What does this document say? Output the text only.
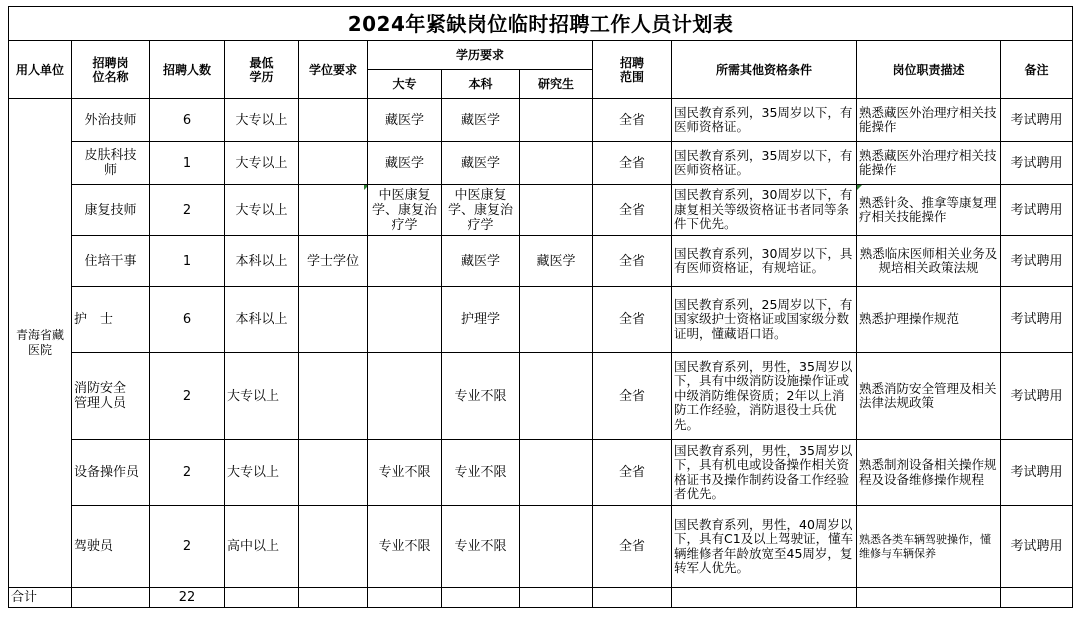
2024年紧缺岗位临时招聘工作人员计划表											
用人单位	招聘岗位名称	招聘人数	最低学历	学位要求	学历要求			招聘范围	所需其他资格条件	岗位职责描述	备注
					大专	本科	研究生				

青海省藏医院	外治技师	6	大专以上		藏医学	藏医学		全省	国民教育系列，35周岁以下，有医师资格证。	熟悉藏医外治理疗相关技能操作	考试聘用

	皮肤科技师	1	大专以上		藏医学	藏医学		全省	国民教育系列，35周岁以下，有医师资格证。	熟悉藏医外治理疗相关技能操作	考试聘用
	康复技师	2	大专以上		中医康复学、康复治疗学	中医康复学、康复治疗学		全省	国民教育系列，30周岁以下，有康复相关等级资格证书者同等条件下优先。	熟悉针灸、推拿等康复理疗相关技能操作	考试聘用
	住培干事	1	本科以上	学士学位		藏医学	藏医学	全省	国民教育系列，30周岁以下，具有医师资格证，有规培证。	熟悉临床医师相关业务及规培相关政策法规	考试聘用
	护　士	6	本科以上			护理学		全省	国民教育系列，25周岁以下，有国家级护士资格证或国家级分数证明，懂藏语口语。	熟悉护理操作规范	考试聘用

	消防安全管理人员	2	大专以上			专业不限		全省	国民教育系列，男性，35周岁以下，具有中级消防设施操作证或中级消防维保资质；2年以上消防工作经验，消防退役士兵优先。	熟悉消防安全管理及相关法律法规政策	考试聘用
	设备操作员	2	大专以上		专业不限	专业不限		全省	国民教育系列，男性，35周岁以下，具有机电或设备操作相关资格证书及操作制药设备工作经验者优先。	熟悉制剂设备相关操作规程及设备维修操作规程	考试聘用
	驾驶员	2	高中以上		专业不限	专业不限		全省	国民教育系列，男性，40周岁以下，具有C1及以上驾驶证，懂车辆维修者年龄放宽至45周岁，复转军人优先。	熟悉各类车辆驾驶操作，懂维修与车辆保养	考试聘用
合计		22									
